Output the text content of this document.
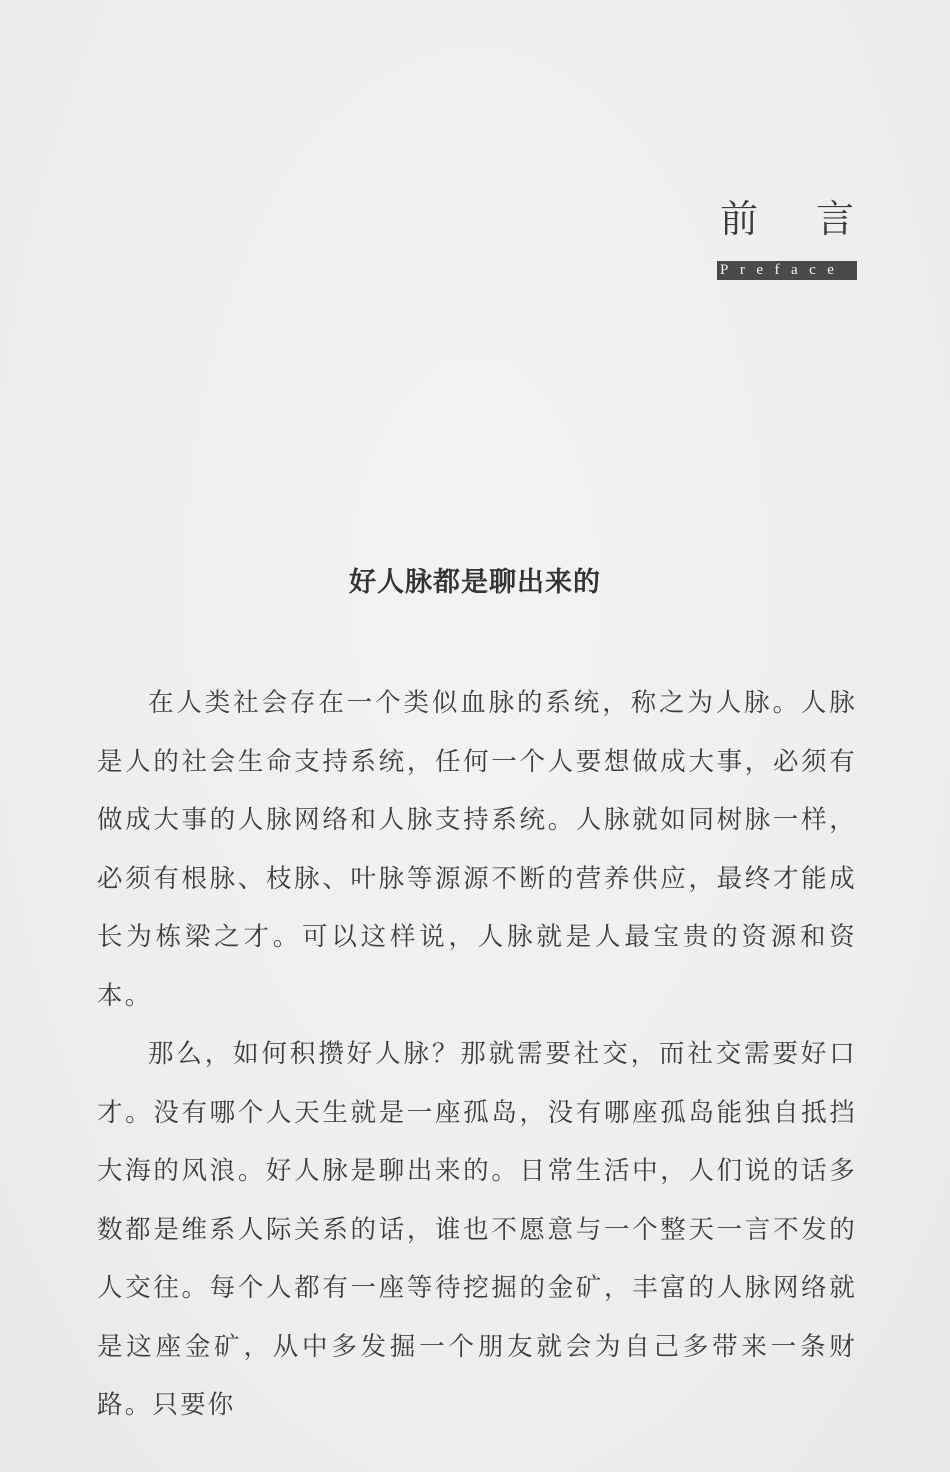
前言
Preface
好人脉都是聊出来的

在人类社会存在一个类似血脉的系统，称之为人脉。人脉是人的社会生命支持系统，任何一个人要想做成大事，必须有做成大事的人脉网络和人脉支持系统。人脉就如同树脉一样，必须有根脉、枝脉、叶脉等源源不断的营养供应，最终才能成长为栋梁之才。可以这样说，人脉就是人最宝贵的资源和资本。

那么，如何积攒好人脉？那就需要社交，而社交需要好口才。没有哪个人天生就是一座孤岛，没有哪座孤岛能独自抵挡大海的风浪。好人脉是聊出来的。日常生活中，人们说的话多数都是维系人际关系的话，谁也不愿意与一个整天一言不发的人交往。每个人都有一座等待挖掘的金矿，丰富的人脉网络就是这座金矿，从中多发掘一个朋友就会为自己多带来一条财路。只要你
